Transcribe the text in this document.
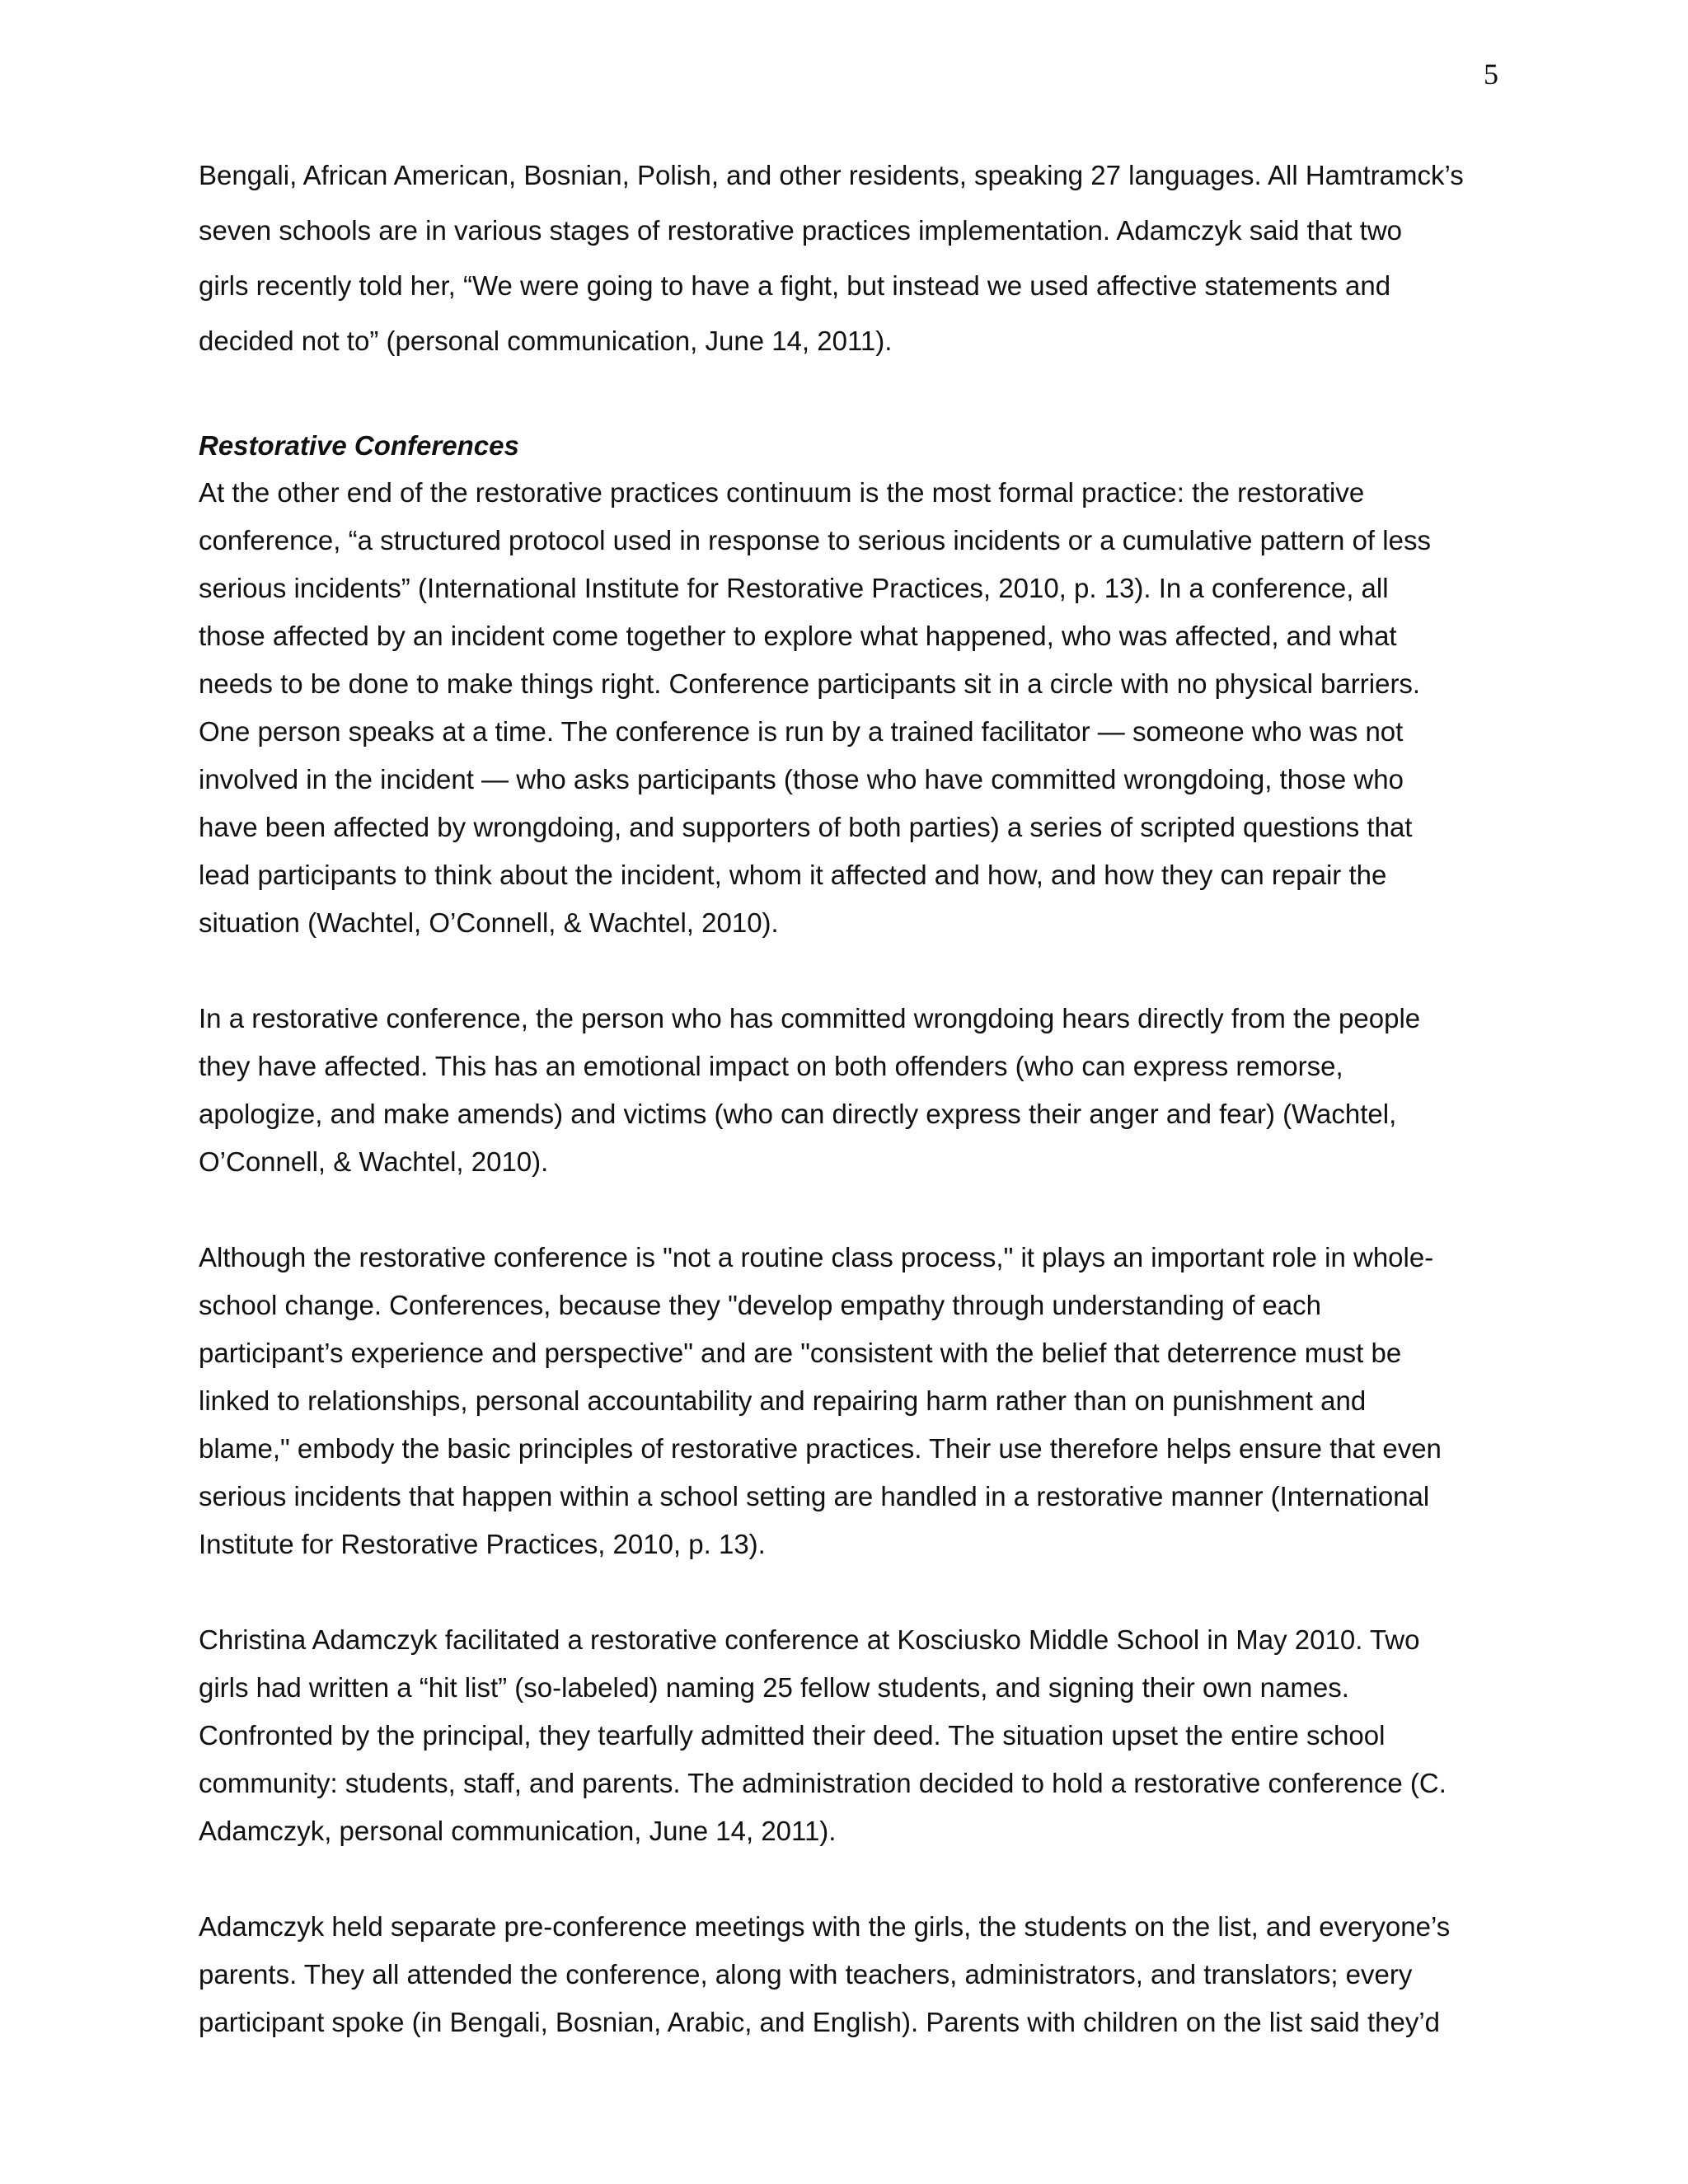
5
Bengali, African American, Bosnian, Polish, and other residents, speaking 27 languages. All Hamtramck’s
seven schools are in various stages of restorative practices implementation. Adamczyk said that two
girls recently told her, “We were going to have a fight, but instead we used affective statements and
decided not to” (personal communication, June 14, 2011).
Restorative Conferences
At the other end of the restorative practices continuum is the most formal practice: the restorative
conference, “a structured protocol used in response to serious incidents or a cumulative pattern of less
serious incidents” (International Institute for Restorative Practices, 2010, p. 13). In a conference, all
those affected by an incident come together to explore what happened, who was affected, and what
needs to be done to make things right. Conference participants sit in a circle with no physical barriers.
One person speaks at a time. The conference is run by a trained facilitator — someone who was not
involved in the incident — who asks participants (those who have committed wrongdoing, those who
have been affected by wrongdoing, and supporters of both parties) a series of scripted questions that
lead participants to think about the incident, whom it affected and how, and how they can repair the
situation (Wachtel, O’Connell, & Wachtel, 2010).
In a restorative conference, the person who has committed wrongdoing hears directly from the people
they have affected. This has an emotional impact on both offenders (who can express remorse,
apologize, and make amends) and victims (who can directly express their anger and fear) (Wachtel,
O’Connell, & Wachtel, 2010).
Although the restorative conference is "not a routine class process," it plays an important role in whole-
school change. Conferences, because they "develop empathy through understanding of each
participant’s experience and perspective" and are "consistent with the belief that deterrence must be
linked to relationships, personal accountability and repairing harm rather than on punishment and
blame," embody the basic principles of restorative practices. Their use therefore helps ensure that even
serious incidents that happen within a school setting are handled in a restorative manner (International
Institute for Restorative Practices, 2010, p. 13).
Christina Adamczyk facilitated a restorative conference at Kosciusko Middle School in May 2010. Two
girls had written a “hit list” (so-labeled) naming 25 fellow students, and signing their own names.
Confronted by the principal, they tearfully admitted their deed. The situation upset the entire school
community: students, staff, and parents. The administration decided to hold a restorative conference (C.
Adamczyk, personal communication, June 14, 2011).
Adamczyk held separate pre-conference meetings with the girls, the students on the list, and everyone’s
parents. They all attended the conference, along with teachers, administrators, and translators; every
participant spoke (in Bengali, Bosnian, Arabic, and English). Parents with children on the list said they’d
